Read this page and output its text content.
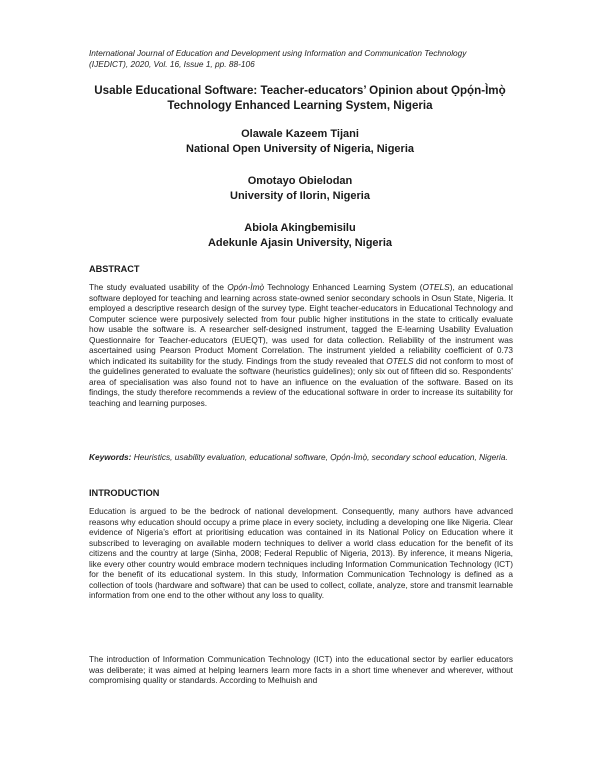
International Journal of Education and Development using Information and Communication Technology
(IJEDICT), 2020, Vol. 16, Issue 1, pp. 88-106
Usable Educational Software: Teacher-educators’ Opinion about Ọpọ́n-Ìmọ̀
Technology Enhanced Learning System, Nigeria
Olawale Kazeem Tijani
National Open University of Nigeria, Nigeria
Omotayo Obielodan
University of Ilorin, Nigeria
Abiola Akingbemisilu
Adekunle Ajasin University, Nigeria
ABSTRACT
The study evaluated usability of the Ọpọ́n-Ìmọ̀ Technology Enhanced Learning System (OTELS), an educational software deployed for teaching and learning across state-owned senior secondary schools in Osun State, Nigeria. It employed a descriptive research design of the survey type. Eight teacher-educators in Educational Technology and Computer science were purposively selected from four public higher institutions in the state to critically evaluate how usable the software is. A researcher self-designed instrument, tagged the E-learning Usability Evaluation Questionnaire for Teacher-educators (EUEQT), was used for data collection. Reliability of the instrument was ascertained using Pearson Product Moment Correlation. The instrument yielded a reliability coefficient of 0.73 which indicated its suitability for the study. Findings from the study revealed that OTELS did not conform to most of the guidelines generated to evaluate the software (heuristics guidelines); only six out of fifteen did so. Respondents’ area of specialisation was also found not to have an influence on the evaluation of the software. Based on its findings, the study therefore recommends a review of the educational software in order to increase its suitability for teaching and learning purposes.
Keywords: Heuristics, usability evaluation, educational software, Ọpọ́n-Ìmọ̀, secondary school education, Nigeria.
INTRODUCTION
Education is argued to be the bedrock of national development. Consequently, many authors have advanced reasons why education should occupy a prime place in every society, including a developing one like Nigeria. Clear evidence of Nigeria’s effort at prioritising education was contained in its National Policy on Education where it subscribed to leveraging on available modern techniques to deliver a world class education for the benefit of its citizens and the country at large (Sinha, 2008; Federal Republic of Nigeria, 2013). By inference, it means Nigeria, like every other country would embrace modern techniques including Information Communication Technology (ICT) for the benefit of its educational system. In this study, Information Communication Technology is defined as a collection of tools (hardware and software) that can be used to collect, collate, analyze, store and transmit learnable information from one end to the other without any loss to quality.
The introduction of Information Communication Technology (ICT) into the educational sector by earlier educators was deliberate; it was aimed at helping learners learn more facts in a short time whenever and wherever, without compromising quality or standards. According to Melhuish and
